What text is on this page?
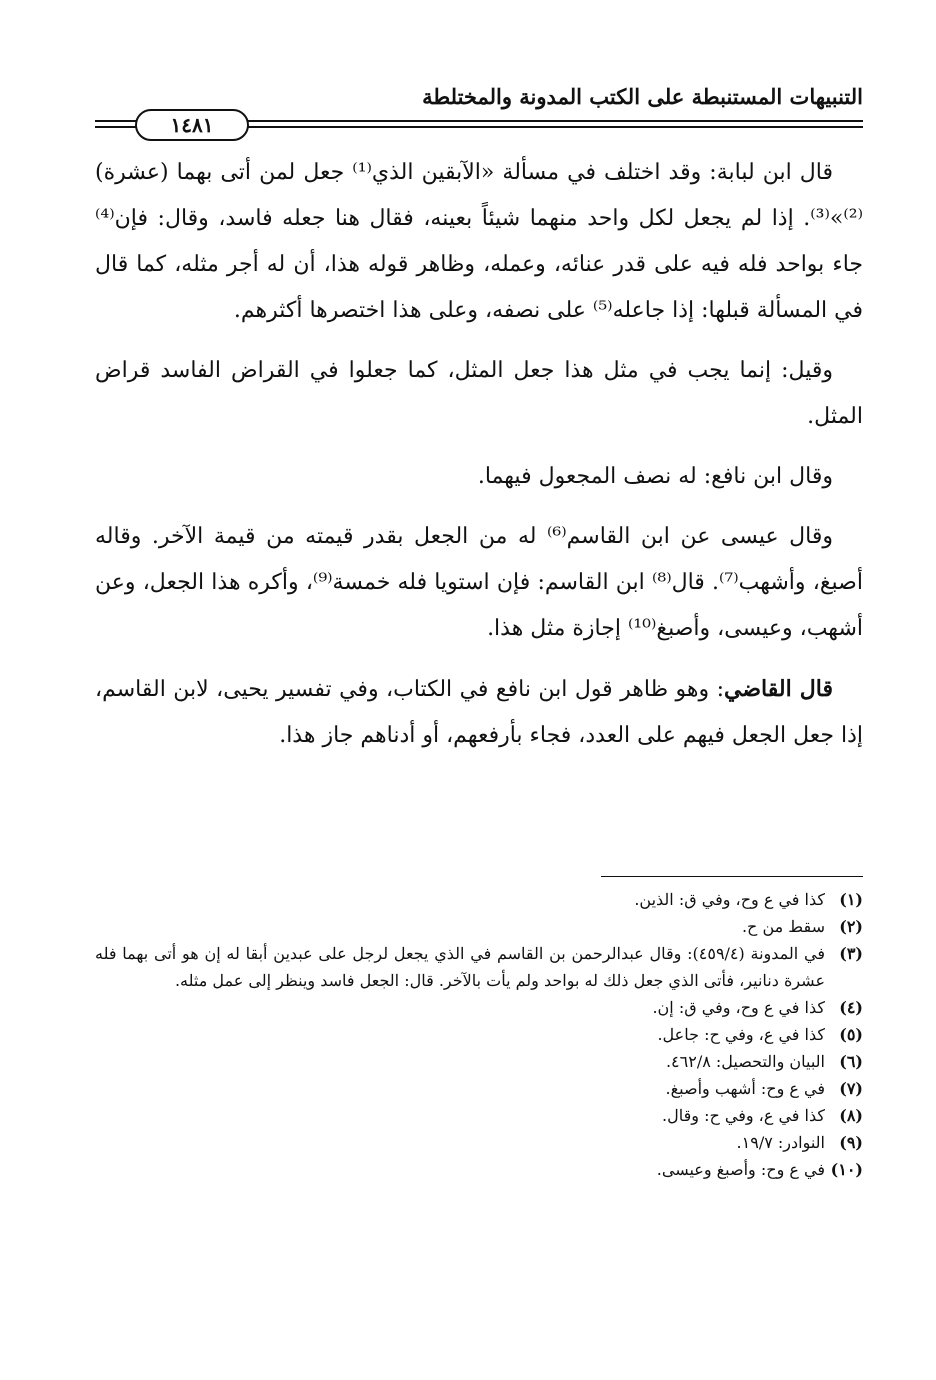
التنبيهات المستنبطة على الكتب المدونة والمختلطة
١٤٨١

قال ابن لبابة: وقد اختلف في مسألة «الآبقين الذي⁽¹⁾ جعل لمن أتى بهما (عشرة)⁽²⁾»⁽³⁾. إذا لم يجعل لكل واحد منهما شيئاً بعينه، فقال هنا جعله فاسد، وقال: فإن⁽⁴⁾ جاء بواحد فله فيه على قدر عنائه، وعمله، وظاهر قوله هذا، أن له أجر مثله، كما قال في المسألة قبلها: إذا جاعله⁽⁵⁾ على نصفه، وعلى هذا اختصرها أكثرهم.

وقيل: إنما يجب في مثل هذا جعل المثل، كما جعلوا في القراض الفاسد قراض المثل.

وقال ابن نافع: له نصف المجعول فيهما.

وقال عيسى عن ابن القاسم⁽⁶⁾ له من الجعل بقدر قيمته من قيمة الآخر. وقاله أصبغ، وأشهب⁽⁷⁾. قال⁽⁸⁾ ابن القاسم: فإن استويا فله خمسة⁽⁹⁾، وأكره هذا الجعل، وعن أشهب، وعيسى، وأصبغ⁽¹⁰⁾ إجازة مثل هذا.

قال القاضي: وهو ظاهر قول ابن نافع في الكتاب، وفي تفسير يحيى، لابن القاسم، إذا جعل الجعل فيهم على العدد، فجاء بأرفعهم، أو أدناهم جاز هذا.

(١)
كذا في ع وح، وفي ق: الذين.
(٢)
سقط من ح.
(٣)
في المدونة (٤٥٩/٤): وقال عبدالرحمن بن القاسم في الذي يجعل لرجل على عبدين أبقا له إن هو أتى بهما فله عشرة دنانير، فأتى الذي جعل ذلك له بواحد ولم يأت بالآخر. قال: الجعل فاسد وينظر إلى عمل مثله.
(٤)
كذا في ع وح، وفي ق: إن.
(٥)
كذا في ع، وفي ح: جاعل.
(٦)
البيان والتحصيل: ٤٦٢/٨.
(٧)
في ع وح: أشهب وأصبغ.
(٨)
كذا في ع، وفي ح: وقال.
(٩)
النوادر: ١٩/٧.
(١٠)
في ع وح: وأصبغ وعيسى.
